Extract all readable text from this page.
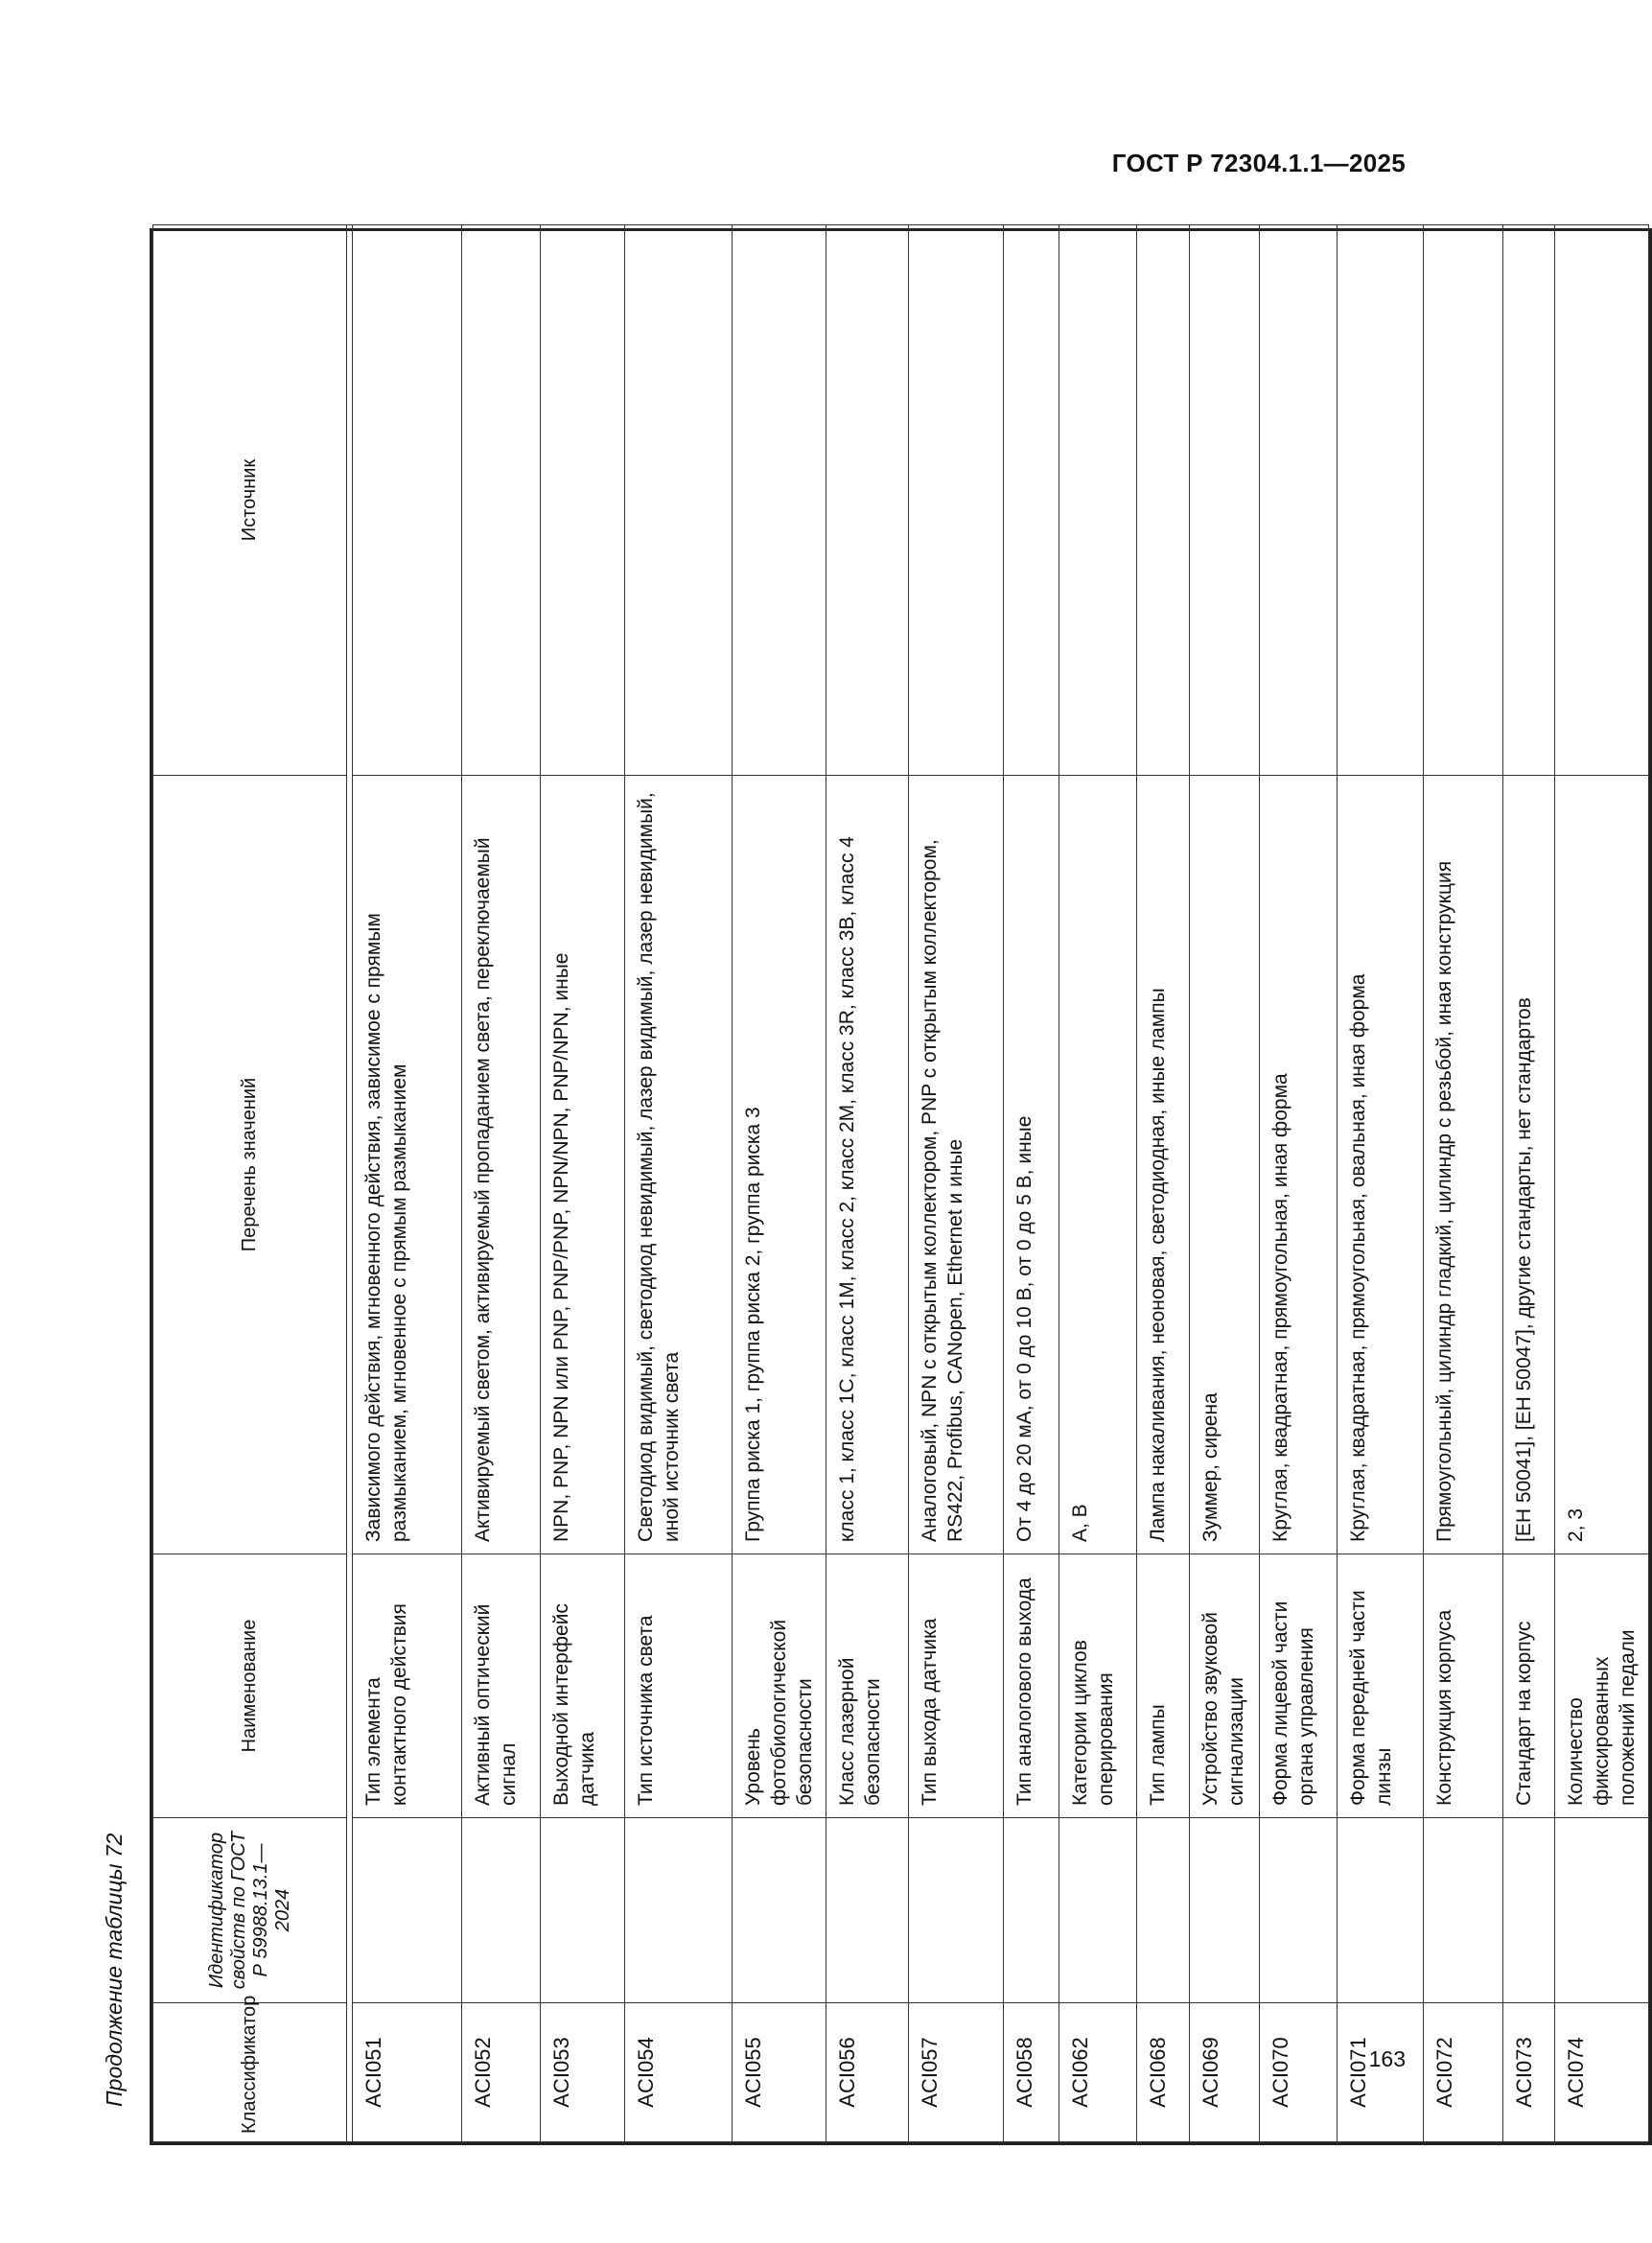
ГОСТ Р 72304.1.1—2025
Продолжение таблицы 72	Классификатор	Идентификатор свойств по ГОСТ Р 59988.13.1—2024	Наименование	Перечень значений	Источник

ACI051		Тип элемента контактного действия	Зависимого действия, мгновенного действия, зависимое с прямым размыканием, мгновенное с прямым размыканием	
ACI052		Активный оптический сигнал	Активируемый светом, активируемый пропаданием света, переключаемый	
ACI053		Выходной интерфейс датчика	NPN, PNP, NPN или PNP, PNP/PNP, NPN/NPN, PNP/NPN, иные	
ACI054		Тип источника света	Светодиод видимый, светодиод невидимый, лазер видимый, лазер невидимый, иной источник света	
ACI055		Уровень фотобиологической безопасности	Группа риска 1, группа риска 2, группа риска 3	
ACI056		Класс лазерной безопасности	класс 1, класс 1C, класс 1M, класс 2, класс 2M, класс 3R, класс 3B, класс 4	
ACI057		Тип выхода датчика	Аналоговый, NPN с открытым коллектором, PNP с открытым коллектором, RS422, Profibus, CANopen, Ethernet и иные	
ACI058		Тип аналогового выхода	От 4 до 20 мА, от 0 до 10 В, от 0 до 5 В, иные	
ACI062		Категории циклов оперирования	А, В	
ACI068		Тип лампы	Лампа накаливания, неоновая, светодиодная, иные лампы	
ACI069		Устройство звуковой сигнализации	Зуммер, сирена	
ACI070		Форма лицевой части органа управления	Круглая, квадратная, прямоугольная, иная форма	
ACI071		Форма передней части линзы	Круглая, квадратная, прямоугольная, овальная, иная форма	
ACI072		Конструкция корпуса	Прямоугольный, цилиндр гладкий, цилиндр с резьбой, иная конструкция	
ACI073		Стандарт на корпус	[ЕН 50041], [ЕН 50047], другие стандарты, нет стандартов	
ACI074		Количество фиксированных положений педали	2, 3	
163
